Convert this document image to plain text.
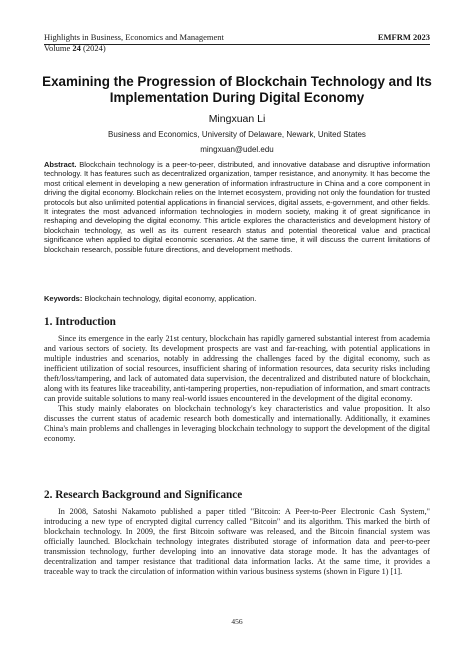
Highlights in Business, Economics and Management	EMFRM 2023
Volume 24 (2024)
Examining the Progression of Blockchain Technology and Its Implementation During Digital Economy
Mingxuan Li
Business and Economics, University of Delaware, Newark, United States
mingxuan@udel.edu
Abstract. Blockchain technology is a peer-to-peer, distributed, and innovative database and disruptive information technology. It has features such as decentralized organization, tamper resistance, and anonymity. It has become the most critical element in developing a new generation of information infrastructure in China and a core component in driving the digital economy. Blockchain relies on the Internet ecosystem, providing not only the foundation for trusted protocols but also unlimited potential applications in financial services, digital assets, e-government, and other fields. It integrates the most advanced information technologies in modern society, making it of great significance in reshaping and developing the digital economy. This article explores the characteristics and development history of blockchain technology, as well as its current research status and potential theoretical value and practical significance when applied to digital economic scenarios. At the same time, it will discuss the current limitations of blockchain research, possible future directions, and development methods.
Keywords: Blockchain technology, digital economy, application.
1. Introduction

Since its emergence in the early 21st century, blockchain has rapidly garnered substantial interest from academia and various sectors of society. Its development prospects are vast and far-reaching, with potential applications in multiple industries and scenarios, notably in addressing the challenges faced by the digital economy, such as inefficient utilization of social resources, insufficient sharing of information resources, data security risks including theft/loss/tampering, and lack of automated data supervision, the decentralized and distributed nature of blockchain, along with its features like traceability, anti-tampering properties, non-repudiation of information, and smart contracts can provide suitable solutions to many real-world issues encountered in the development of the digital economy.

This study mainly elaborates on blockchain technology's key characteristics and value proposition. It also discusses the current status of academic research both domestically and internationally. Additionally, it examines China's main problems and challenges in leveraging blockchain technology to support the development of the digital economy.

2. Research Background and Significance

In 2008, Satoshi Nakamoto published a paper titled "Bitcoin: A Peer-to-Peer Electronic Cash System," introducing a new type of encrypted digital currency called "Bitcoin" and its algorithm. This marked the birth of blockchain technology. In 2009, the first Bitcoin software was released, and the Bitcoin financial system was officially launched. Blockchain technology integrates distributed storage of information data and peer-to-peer transmission technology, further developing into an innovative data storage mode. It has the advantages of decentralization and tamper resistance that traditional data information lacks. At the same time, it provides a traceable way to track the circulation of information within various business systems (shown in Figure 1) [1].

456
